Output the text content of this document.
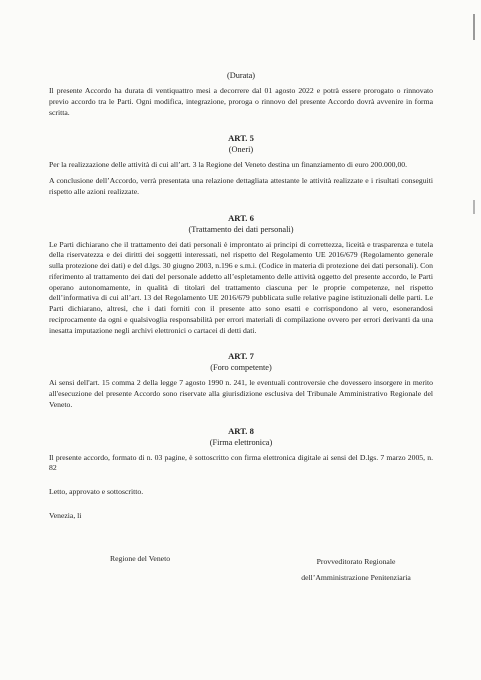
(Durata)

Il presente Accordo ha durata di ventiquattro mesi a decorrere dal 01 agosto 2022 e potrà essere prorogato o rinnovato previo accordo tra le Parti. Ogni modifica, integrazione, proroga o rinnovo del presente Accordo dovrà avvenire in forma scritta.

ART. 5
(Oneri)

Per la realizzazione delle attività di cui all’art. 3 la Regione del Veneto destina un finanziamento di euro 200.000,00.

A conclusione dell’Accordo, verrà presentata una relazione dettagliata attestante le attività realizzate e i risultati conseguiti rispetto alle azioni realizzate.

ART. 6
(Trattamento dei dati personali)

Le Parti dichiarano che il trattamento dei dati personali è improntato ai principi di correttezza, liceità e trasparenza e tutela della riservatezza e dei diritti dei soggetti interessati, nel rispetto del Regolamento UE 2016/679 (Regolamento generale sulla protezione dei dati) e del d.lgs. 30 giugno 2003, n.196 e s.m.i. (Codice in materia di protezione dei dati personali). Con riferimento al trattamento dei dati del personale addetto all’espletamento delle attività oggetto del presente accordo, le Parti operano autonomamente, in qualità di titolari del trattamento ciascuna per le proprie competenze, nel rispetto dell’informativa di cui all’art. 13 del Regolamento UE 2016/679 pubblicata sulle relative pagine istituzionali delle parti. Le Parti dichiarano, altresì, che i dati forniti con il presente atto sono esatti e corrispondono al vero, esonerandosi reciprocamente da ogni e qualsivoglia responsabilità per errori materiali di compilazione ovvero per errori derivanti da una inesatta imputazione negli archivi elettronici o cartacei di detti dati.

ART. 7
(Foro competente)

Ai sensi dell'art. 15 comma 2 della legge 7 agosto 1990 n. 241, le eventuali controversie che dovessero insorgere in merito all'esecuzione del presente Accordo sono riservate alla giurisdizione esclusiva del Tribunale Amministrativo Regionale del Veneto.

ART. 8
(Firma elettronica)

Il presente accordo, formato di n. 03 pagine, è sottoscritto con firma elettronica digitale ai sensi del D.lgs. 7 marzo 2005, n. 82

Letto, approvato e sottoscritto.

Venezia, li

Regione del Veneto	Provveditorato Regionale
dell’Amministrazione Penitenziaria
